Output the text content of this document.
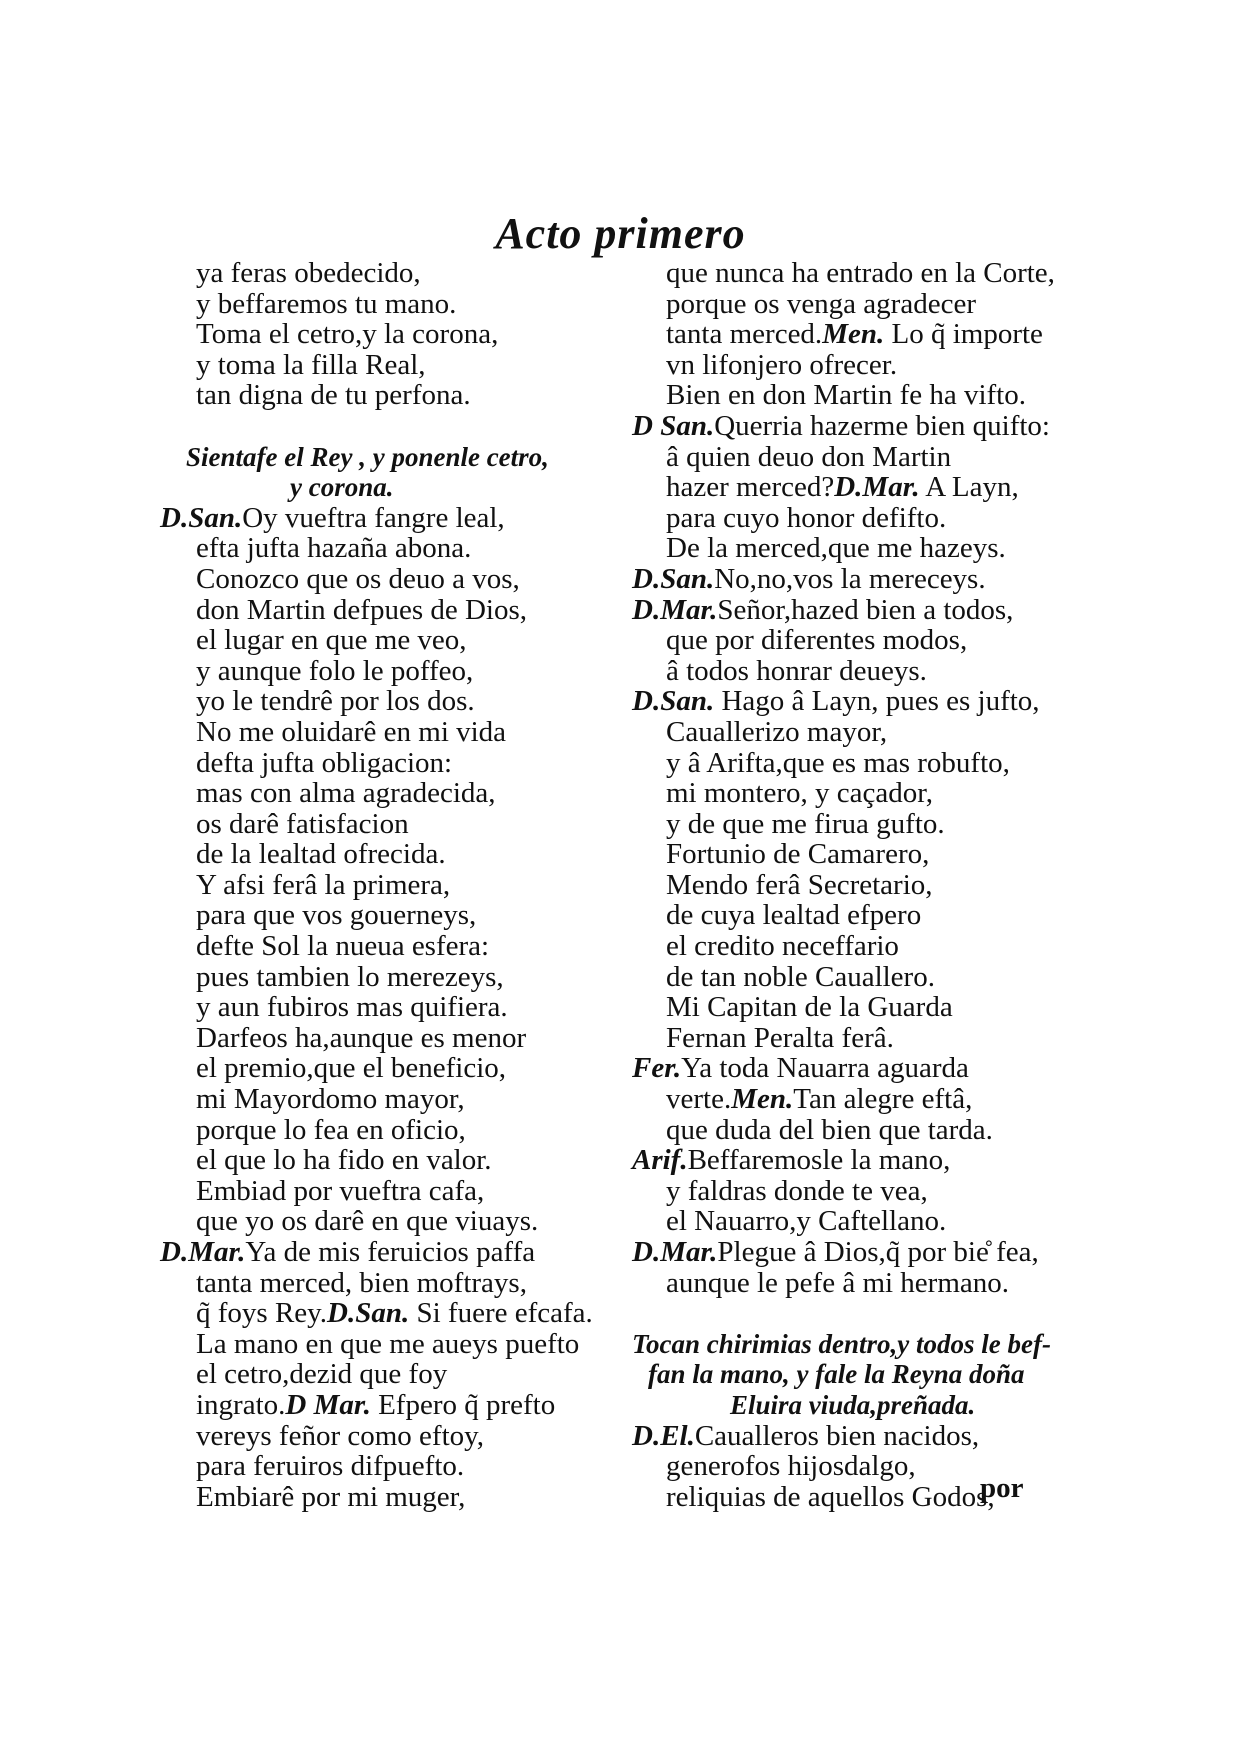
Acto primero
ya feras obedecido,
y beffaremos tu mano.
Toma el cetro,y la corona,
y toma la filla Real,
tan digna de tu perfona.
Sientafe el Rey , y ponenle cetro,
y corona.
D.San.Oy vueftra fangre leal,
efta jufta hazaña abona.
Conozco que os deuo a vos,
don Martin defpues de Dios,
el lugar en que me veo,
y aunque folo le poffeo,
yo le tendrê por los dos.
No me oluidarê en mi vida
defta jufta obligacion:
mas con alma agradecida,
os darê fatisfacion
de la lealtad ofrecida.
Y afsi ferâ la primera,
para que vos gouerneys,
defte Sol la nueua esfera:
pues tambien lo merezeys,
y aun fubiros mas quifiera.
Darfeos ha,aunque es menor
el premio,que el beneficio,
mi Mayordomo mayor,
porque lo fea en oficio,
el que lo ha fido en valor.
Embiad por vueftra cafa,
que yo os darê en que viuays.
D.Mar.Ya de mis feruicios paffa
tanta merced, bien moftrays,
q̃ foys Rey.D.San. Si fuere efcafa.
La mano en que me aueys puefto
el cetro,dezid que foy
ingrato.D Mar. Efpero q̃ prefto
vereys feñor como eftoy,
para feruiros difpuefto.
Embiarê por mi muger,
que nunca ha entrado en la Corte,
porque os venga agradecer
tanta merced.Men. Lo q̃ importe
vn lifonjero ofrecer.
Bien en don Martin fe ha vifto.
D San.Querria hazerme bien quifto:
â quien deuo don Martin
hazer merced?D.Mar. A Layn,
para cuyo honor defifto.
De la merced,que me hazeys.
D.San.No,no,vos la mereceys.
D.Mar.Señor,hazed bien a todos,
que por diferentes modos,
â todos honrar deueys.
D.San. Hago â Layn, pues es jufto,
Cauallerizo mayor,
y â Arifta,que es mas robufto,
mi montero, y caçador,
y de que me firua gufto.
Fortunio de Camarero,
Mendo ferâ Secretario,
de cuya lealtad efpero
el credito neceffario
de tan noble Cauallero.
Mi Capitan de la Guarda
Fernan Peralta ferâ.
Fer.Ya toda Nauarra aguarda
verte.Men.Tan alegre eftâ,
que duda del bien que tarda.
Arif.Beffaremosle la mano,
y faldras donde te vea,
el Nauarro,y Caftellano.
D.Mar.Plegue â Dios,q̃ por bie̊ fea,
aunque le pefe â mi hermano.
Tocan chirimias dentro,y todos le bef-
fan la mano, y fale la Reyna doña
Eluira viuda,preñada.
D.El.Caualleros bien nacidos,
generofos hijosdalgo,
reliquias de aquellos Godos,
por
